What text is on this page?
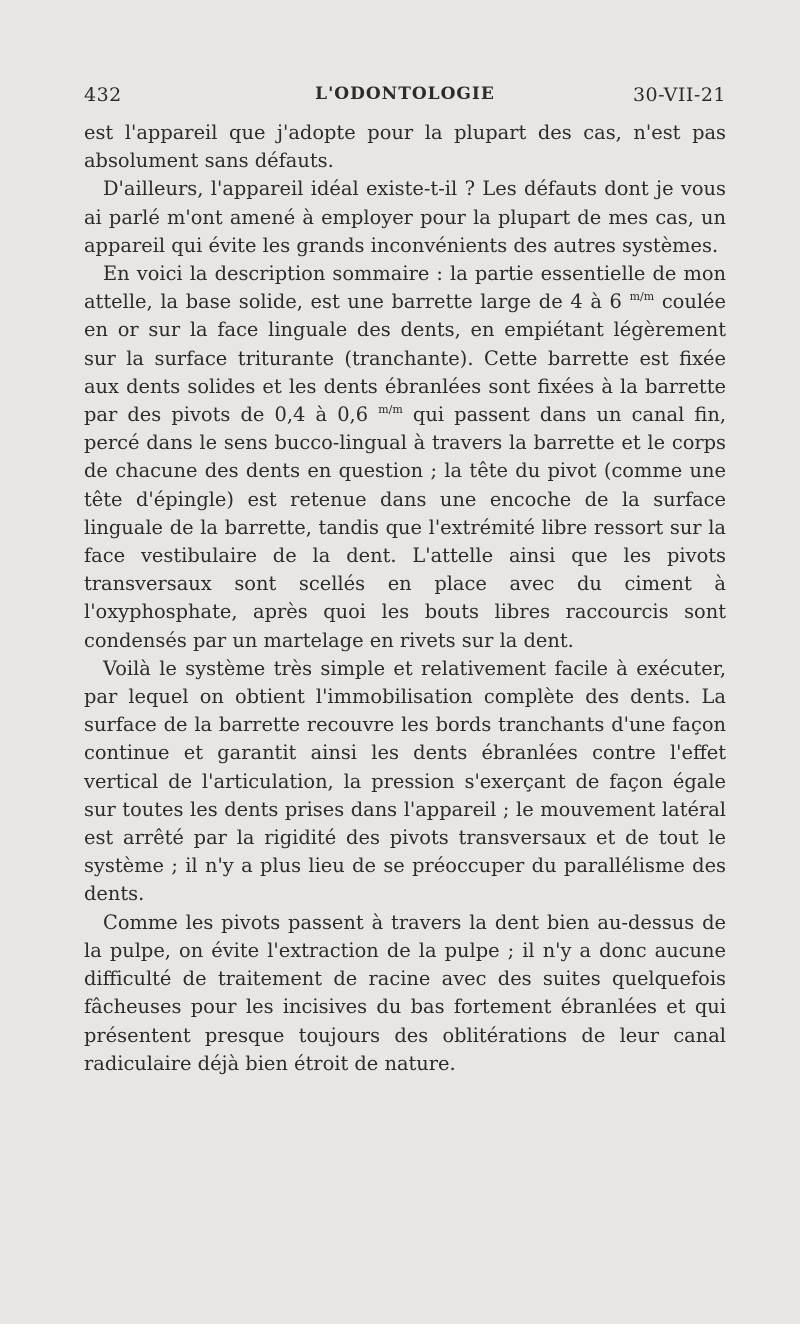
432	L'ODONTOLOGIE	30-VII-21

est l'appareil que j'adopte pour la plupart des cas, n'est pas absolument sans défauts.

D'ailleurs, l'appareil idéal existe-t-il ? Les défauts dont je vous ai parlé m'ont amené à employer pour la plupart de mes cas, un appareil qui évite les grands inconvénients des autres systèmes.

En voici la description sommaire : la partie essentielle de mon attelle, la base solide, est une barrette large de 4 à 6 $^{m/m}$ coulée en or sur la face linguale des dents, en empiétant légèrement sur la surface triturante (tranchante). Cette barrette est fixée aux dents solides et les dents ébranlées sont fixées à la barrette par des pivots de 0,4 à 0,6 $^{m/m}$ qui passent dans un canal fin, percé dans le sens bucco-lingual à travers la barrette et le corps de chacune des dents en question ; la tête du pivot (comme une tête d'épingle) est retenue dans une encoche de la surface linguale de la barrette, tandis que l'extrémité libre ressort sur la face vestibulaire de la dent. L'attelle ainsi que les pivots transversaux sont scellés en place avec du ciment à l'oxyphosphate, après quoi les bouts libres raccourcis sont condensés par un martelage en rivets sur la dent.

Voilà le système très simple et relativement facile à exécuter, par lequel on obtient l'immobilisation complète des dents. La surface de la barrette recouvre les bords tranchants d'une façon continue et garantit ainsi les dents ébranlées contre l'effet vertical de l'articulation, la pression s'exerçant de façon égale sur toutes les dents prises dans l'appareil ; le mouvement latéral est arrêté par la rigidité des pivots transversaux et de tout le système ; il n'y a plus lieu de se préoccuper du parallélisme des dents.

Comme les pivots passent à travers la dent bien au-dessus de la pulpe, on évite l'extraction de la pulpe ; il n'y a donc aucune difficulté de traitement de racine avec des suites quelquefois fâcheuses pour les incisives du bas fortement ébranlées et qui présentent presque toujours des oblitérations de leur canal radiculaire déjà bien étroit de nature.
